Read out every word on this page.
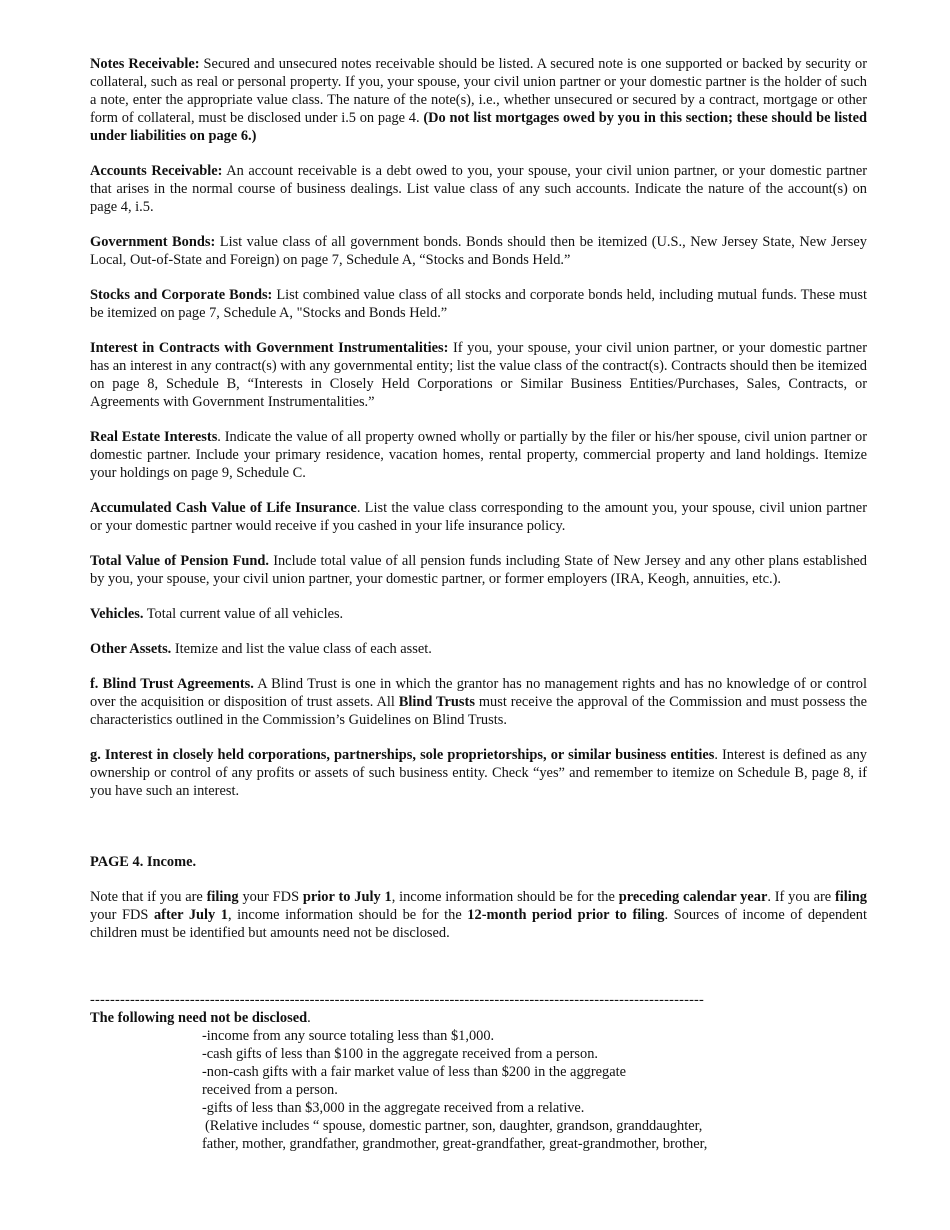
Notes Receivable: Secured and unsecured notes receivable should be listed. A secured note is one supported or backed by security or collateral, such as real or personal property. If you, your spouse, your civil union partner or your domestic partner is the holder of such a note, enter the appropriate value class. The nature of the note(s), i.e., whether unsecured or secured by a contract, mortgage or other form of collateral, must be disclosed under i.5 on page 4. (Do not list mortgages owed by you in this section; these should be listed under liabilities on page 6.)

Accounts Receivable: An account receivable is a debt owed to you, your spouse, your civil union partner, or your domestic partner that arises in the normal course of business dealings. List value class of any such accounts. Indicate the nature of the account(s) on page 4, i.5.

Government Bonds: List value class of all government bonds. Bonds should then be itemized (U.S., New Jersey State, New Jersey Local, Out-of-State and Foreign) on page 7, Schedule A, “Stocks and Bonds Held.”

Stocks and Corporate Bonds: List combined value class of all stocks and corporate bonds held, including mutual funds. These must be itemized on page 7, Schedule A, "Stocks and Bonds Held.”

Interest in Contracts with Government Instrumentalities: If you, your spouse, your civil union partner, or your domestic partner has an interest in any contract(s) with any governmental entity; list the value class of the contract(s). Contracts should then be itemized on page 8, Schedule B, “Interests in Closely Held Corporations or Similar Business Entities/Purchases, Sales, Contracts, or Agreements with Government Instrumentalities.”

Real Estate Interests. Indicate the value of all property owned wholly or partially by the filer or his/her spouse, civil union partner or domestic partner. Include your primary residence, vacation homes, rental property, commercial property and land holdings. Itemize your holdings on page 9, Schedule C.

Accumulated Cash Value of Life Insurance. List the value class corresponding to the amount you, your spouse, civil union partner or your domestic partner would receive if you cashed in your life insurance policy.

Total Value of Pension Fund. Include total value of all pension funds including State of New Jersey and any other plans established by you, your spouse, your civil union partner, your domestic partner, or former employers (IRA, Keogh, annuities, etc.).

Vehicles. Total current value of all vehicles.

Other Assets. Itemize and list the value class of each asset.

f. Blind Trust Agreements. A Blind Trust is one in which the grantor has no management rights and has no knowledge of or control over the acquisition or disposition of trust assets. All Blind Trusts must receive the approval of the Commission and must possess the characteristics outlined in the Commission’s Guidelines on Blind Trusts.

g. Interest in closely held corporations, partnerships, sole proprietorships, or similar business entities. Interest is defined as any ownership or control of any profits or assets of such business entity. Check “yes” and remember to itemize on Schedule B, page 8, if you have such an interest.

PAGE 4. Income.

Note that if you are filing your FDS prior to July 1, income information should be for the preceding calendar year. If you are filing your FDS after July 1, income information should be for the 12-month period prior to filing. Sources of income of dependent children must be identified but amounts need not be disclosed.

---------------------------------------------------------------------------------------------------------------------------
The following need not be disclosed.
-income from any source totaling less than $1,000.
-cash gifts of less than $100 in the aggregate received from a person.
-non-cash gifts with a fair market value of less than $200 in the aggregate
received from a person.
-gifts of less than $3,000 in the aggregate received from a relative.
(Relative includes “ spouse, domestic partner, son, daughter, grandson, granddaughter,
father, mother, grandfather, grandmother, great-grandfather, great-grandmother, brother,
